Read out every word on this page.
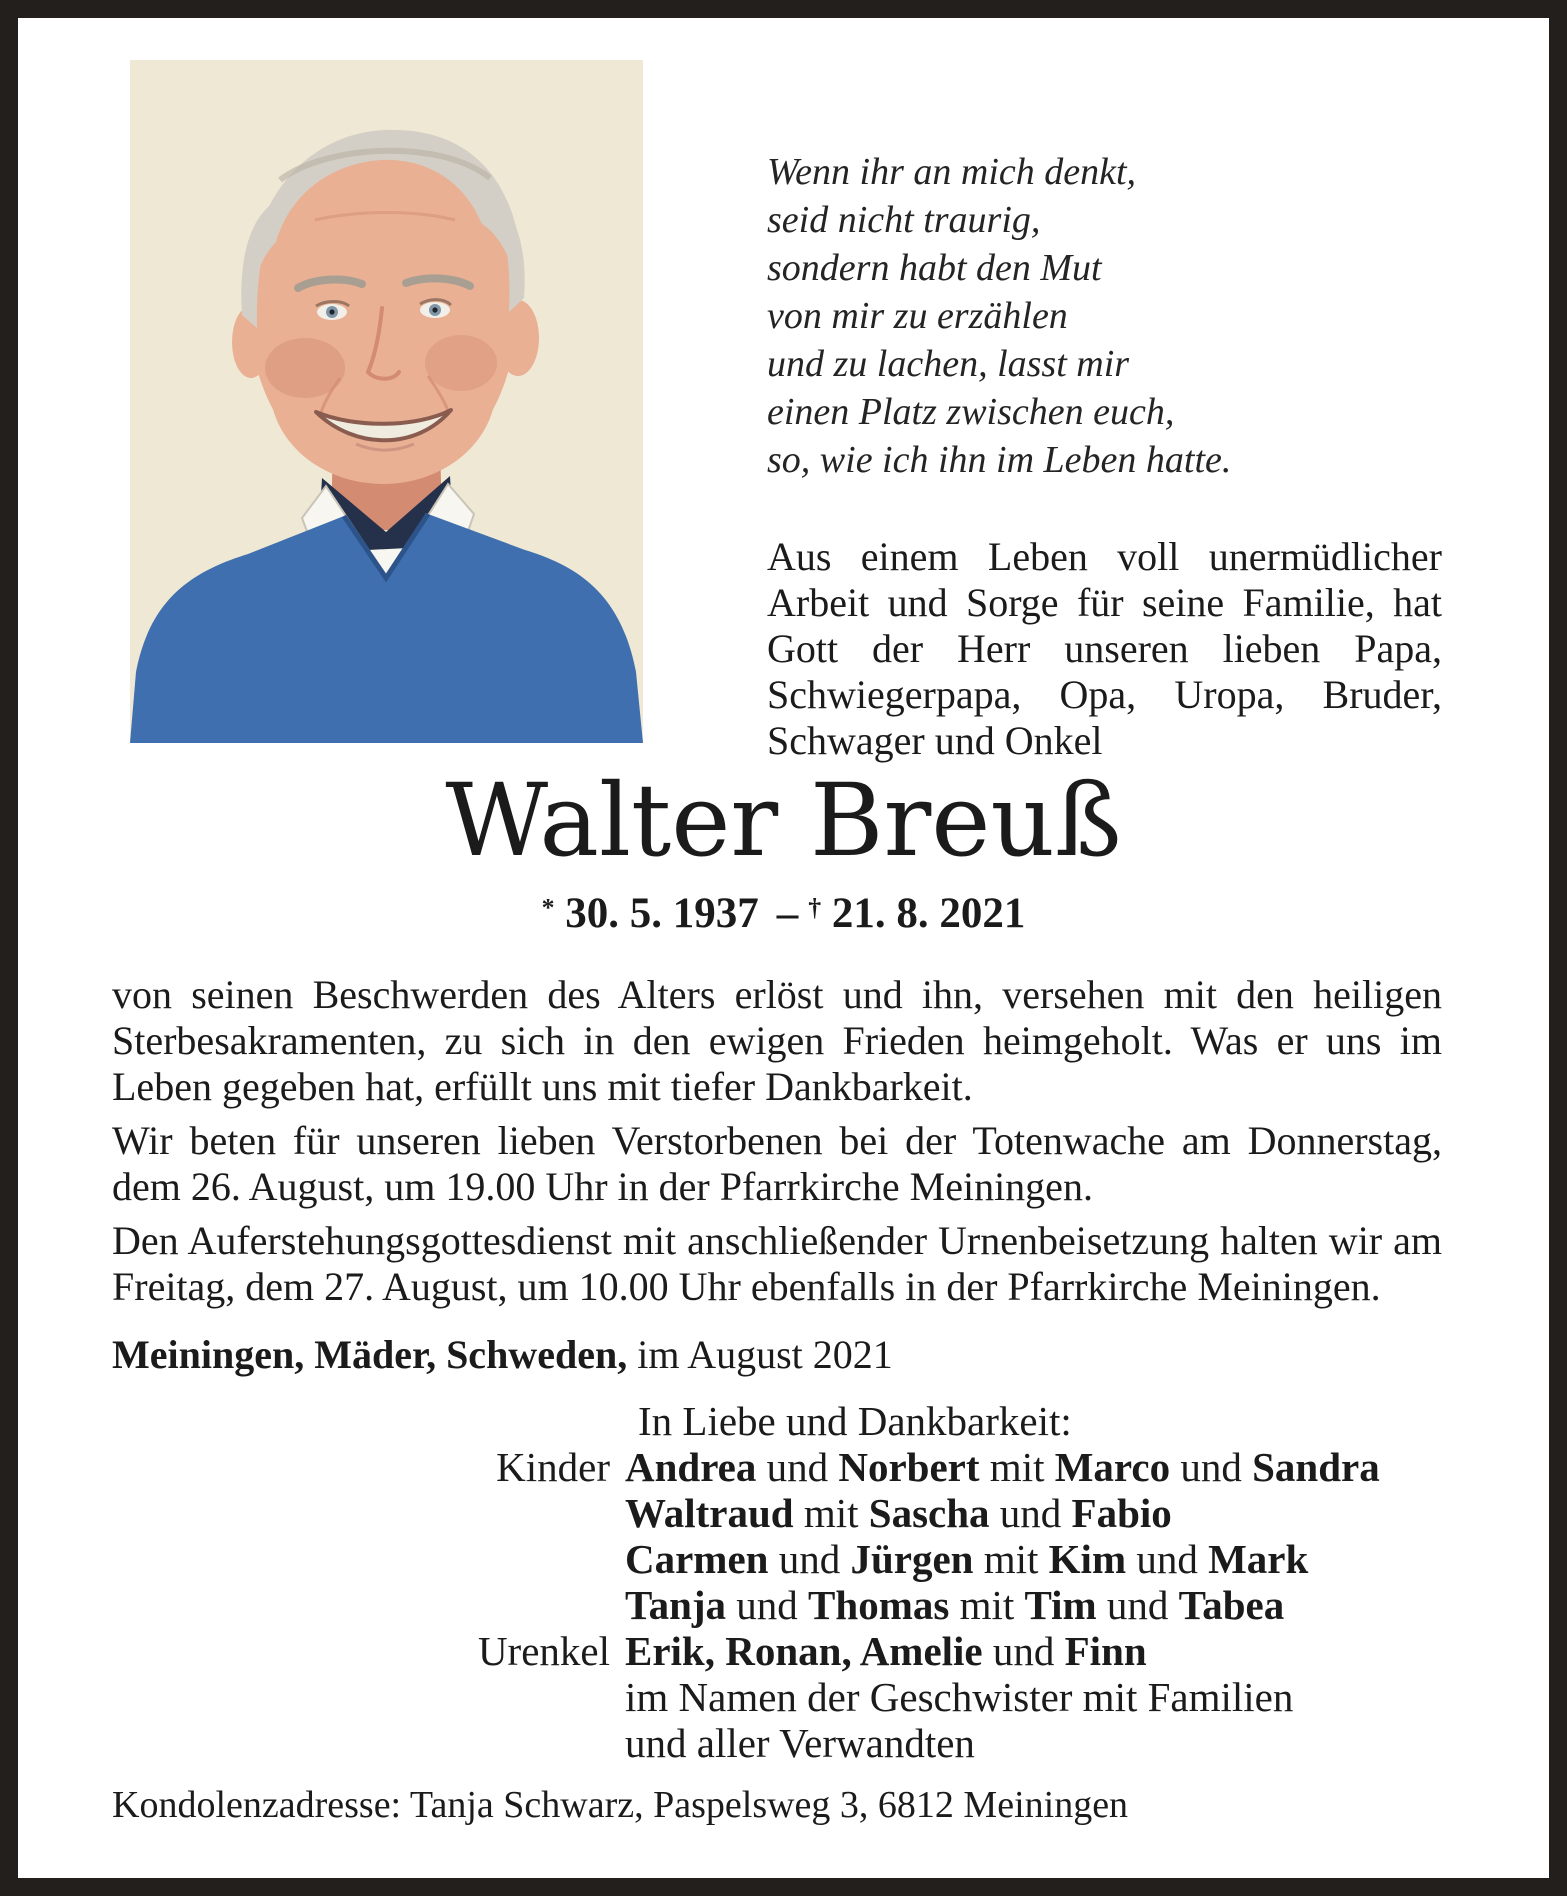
Wenn ihr an mich denkt,
seid nicht traurig,
sondern habt den Mut
von mir zu erzählen
und zu lachen, lasst mir
einen Platz zwischen euch,
so, wie ich ihn im Leben hatte.

Aus einem Leben voll unermüdlicher Arbeit und Sorge für seine Familie, hat Gott der Herr unseren lieben Papa, Schwiegerpapa, Opa, Uropa, Bruder, Schwager und Onkel

Walter Breuß
* 30. 5. 1937 – † 21. 8. 2021

von seinen Beschwerden des Alters erlöst und ihn, versehen mit den heiligen Sterbesakramenten, zu sich in den ewigen Frieden heimgeholt. Was er uns im Leben gegeben hat, erfüllt uns mit tiefer Dankbarkeit.

Wir beten für unseren lieben Verstorbenen bei der Totenwache am Donnerstag, dem 26. August, um 19.00 Uhr in der Pfarrkirche Meiningen.

Den Auferstehungsgottesdienst mit anschließender Urnenbeisetzung halten wir am Freitag, dem 27. August, um 10.00 Uhr ebenfalls in der Pfarrkirche Meiningen.

Meiningen, Mäder, Schweden, im August 2021

In Liebe und Dankbarkeit:
Kinder Andrea und Norbert mit Marco und Sandra
Waltraud mit Sascha und Fabio
Carmen und Jürgen mit Kim und Mark
Tanja und Thomas mit Tim und Tabea
Urenkel Erik, Ronan, Amelie und Finn
im Namen der Geschwister mit Familien
und aller Verwandten

Kondolenzadresse: Tanja Schwarz, Paspelsweg 3, 6812 Meiningen
